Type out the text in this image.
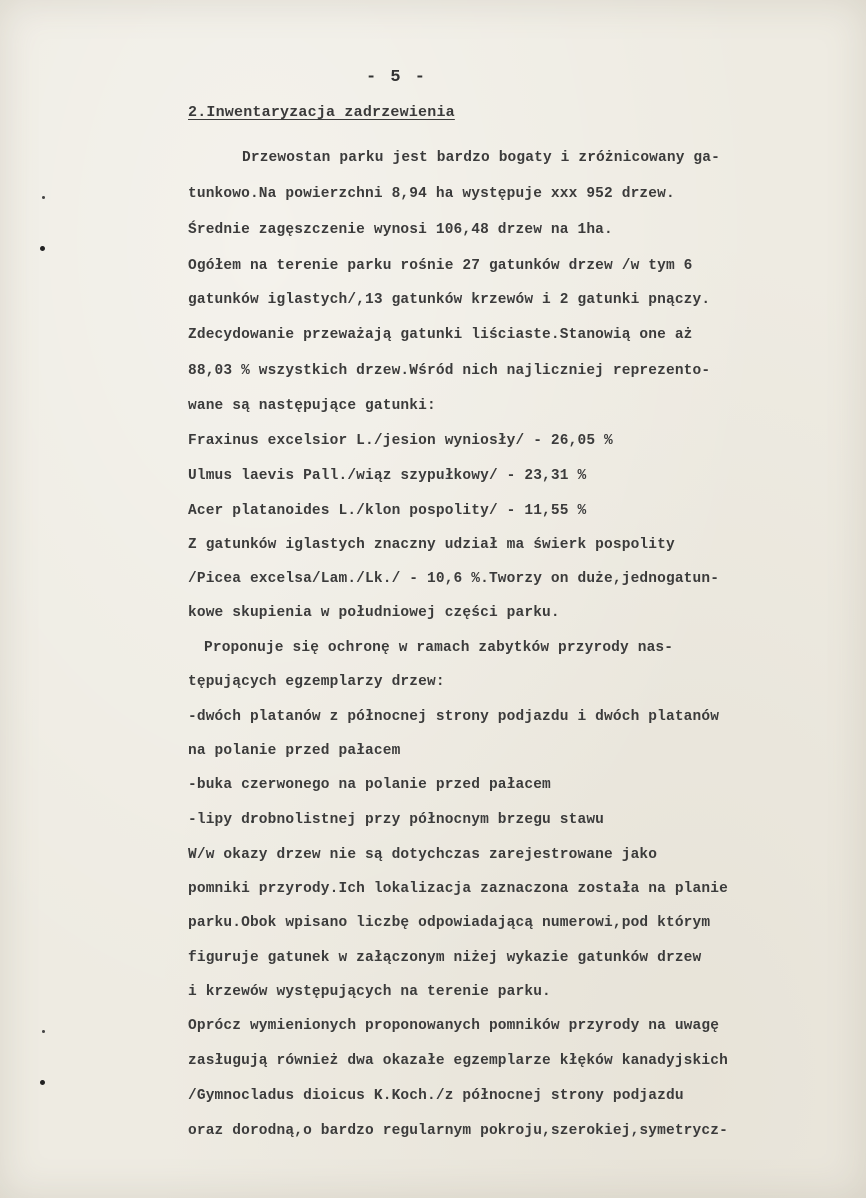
- 5 -
2.Inwentaryzacja zadrzewienia
Drzewostan parku jest bardzo bogaty i zróżnicowany ga-
tunkowo.Na powierzchni 8,94 ha występuje xxx 952 drzew.
Średnie zagęszczenie wynosi 106,48 drzew na 1ha.
Ogółem na terenie parku rośnie 27 gatunków drzew /w tym 6
gatunków iglastych/,13 gatunków krzewów i 2 gatunki pnączy.
Zdecydowanie przeważają gatunki liściaste.Stanowią one aż
88,03 % wszystkich drzew.Wśród nich najliczniej reprezento-
wane są następujące gatunki:
Fraxinus excelsior L./jesion wyniosły/ - 26,05 %
Ulmus laevis Pall./wiąz szypułkowy/ - 23,31 %
Acer platanoides L./klon pospolity/ - 11,55 %
Z gatunków iglastych znaczny udział ma świerk pospolity
/Picea excelsa/Lam./Lk./ - 10,6 %.Tworzy on duże,jednogatun-
kowe skupienia w południowej części parku.
Proponuje się ochronę w ramach zabytków przyrody nas-
tępujących egzemplarzy drzew:
-dwóch platanów z północnej strony podjazdu i dwóch platanów
na polanie przed pałacem
-buka czerwonego na polanie przed pałacem
-lipy drobnolistnej przy północnym brzegu stawu
W/w okazy drzew nie są dotychczas zarejestrowane jako
pomniki przyrody.Ich lokalizacja zaznaczona została na planie
parku.Obok wpisano liczbę odpowiadającą numerowi,pod którym
figuruje gatunek w załączonym niżej wykazie gatunków drzew
i krzewów występujących na terenie parku.
Oprócz wymienionych proponowanych pomników przyrody na uwagę
zasługują również dwa okazałe egzemplarze kłęków kanadyjskich
/Gymnocladus dioicus K.Koch./z północnej strony podjazdu
oraz dorodną,o bardzo regularnym pokroju,szerokiej,symetrycz-
